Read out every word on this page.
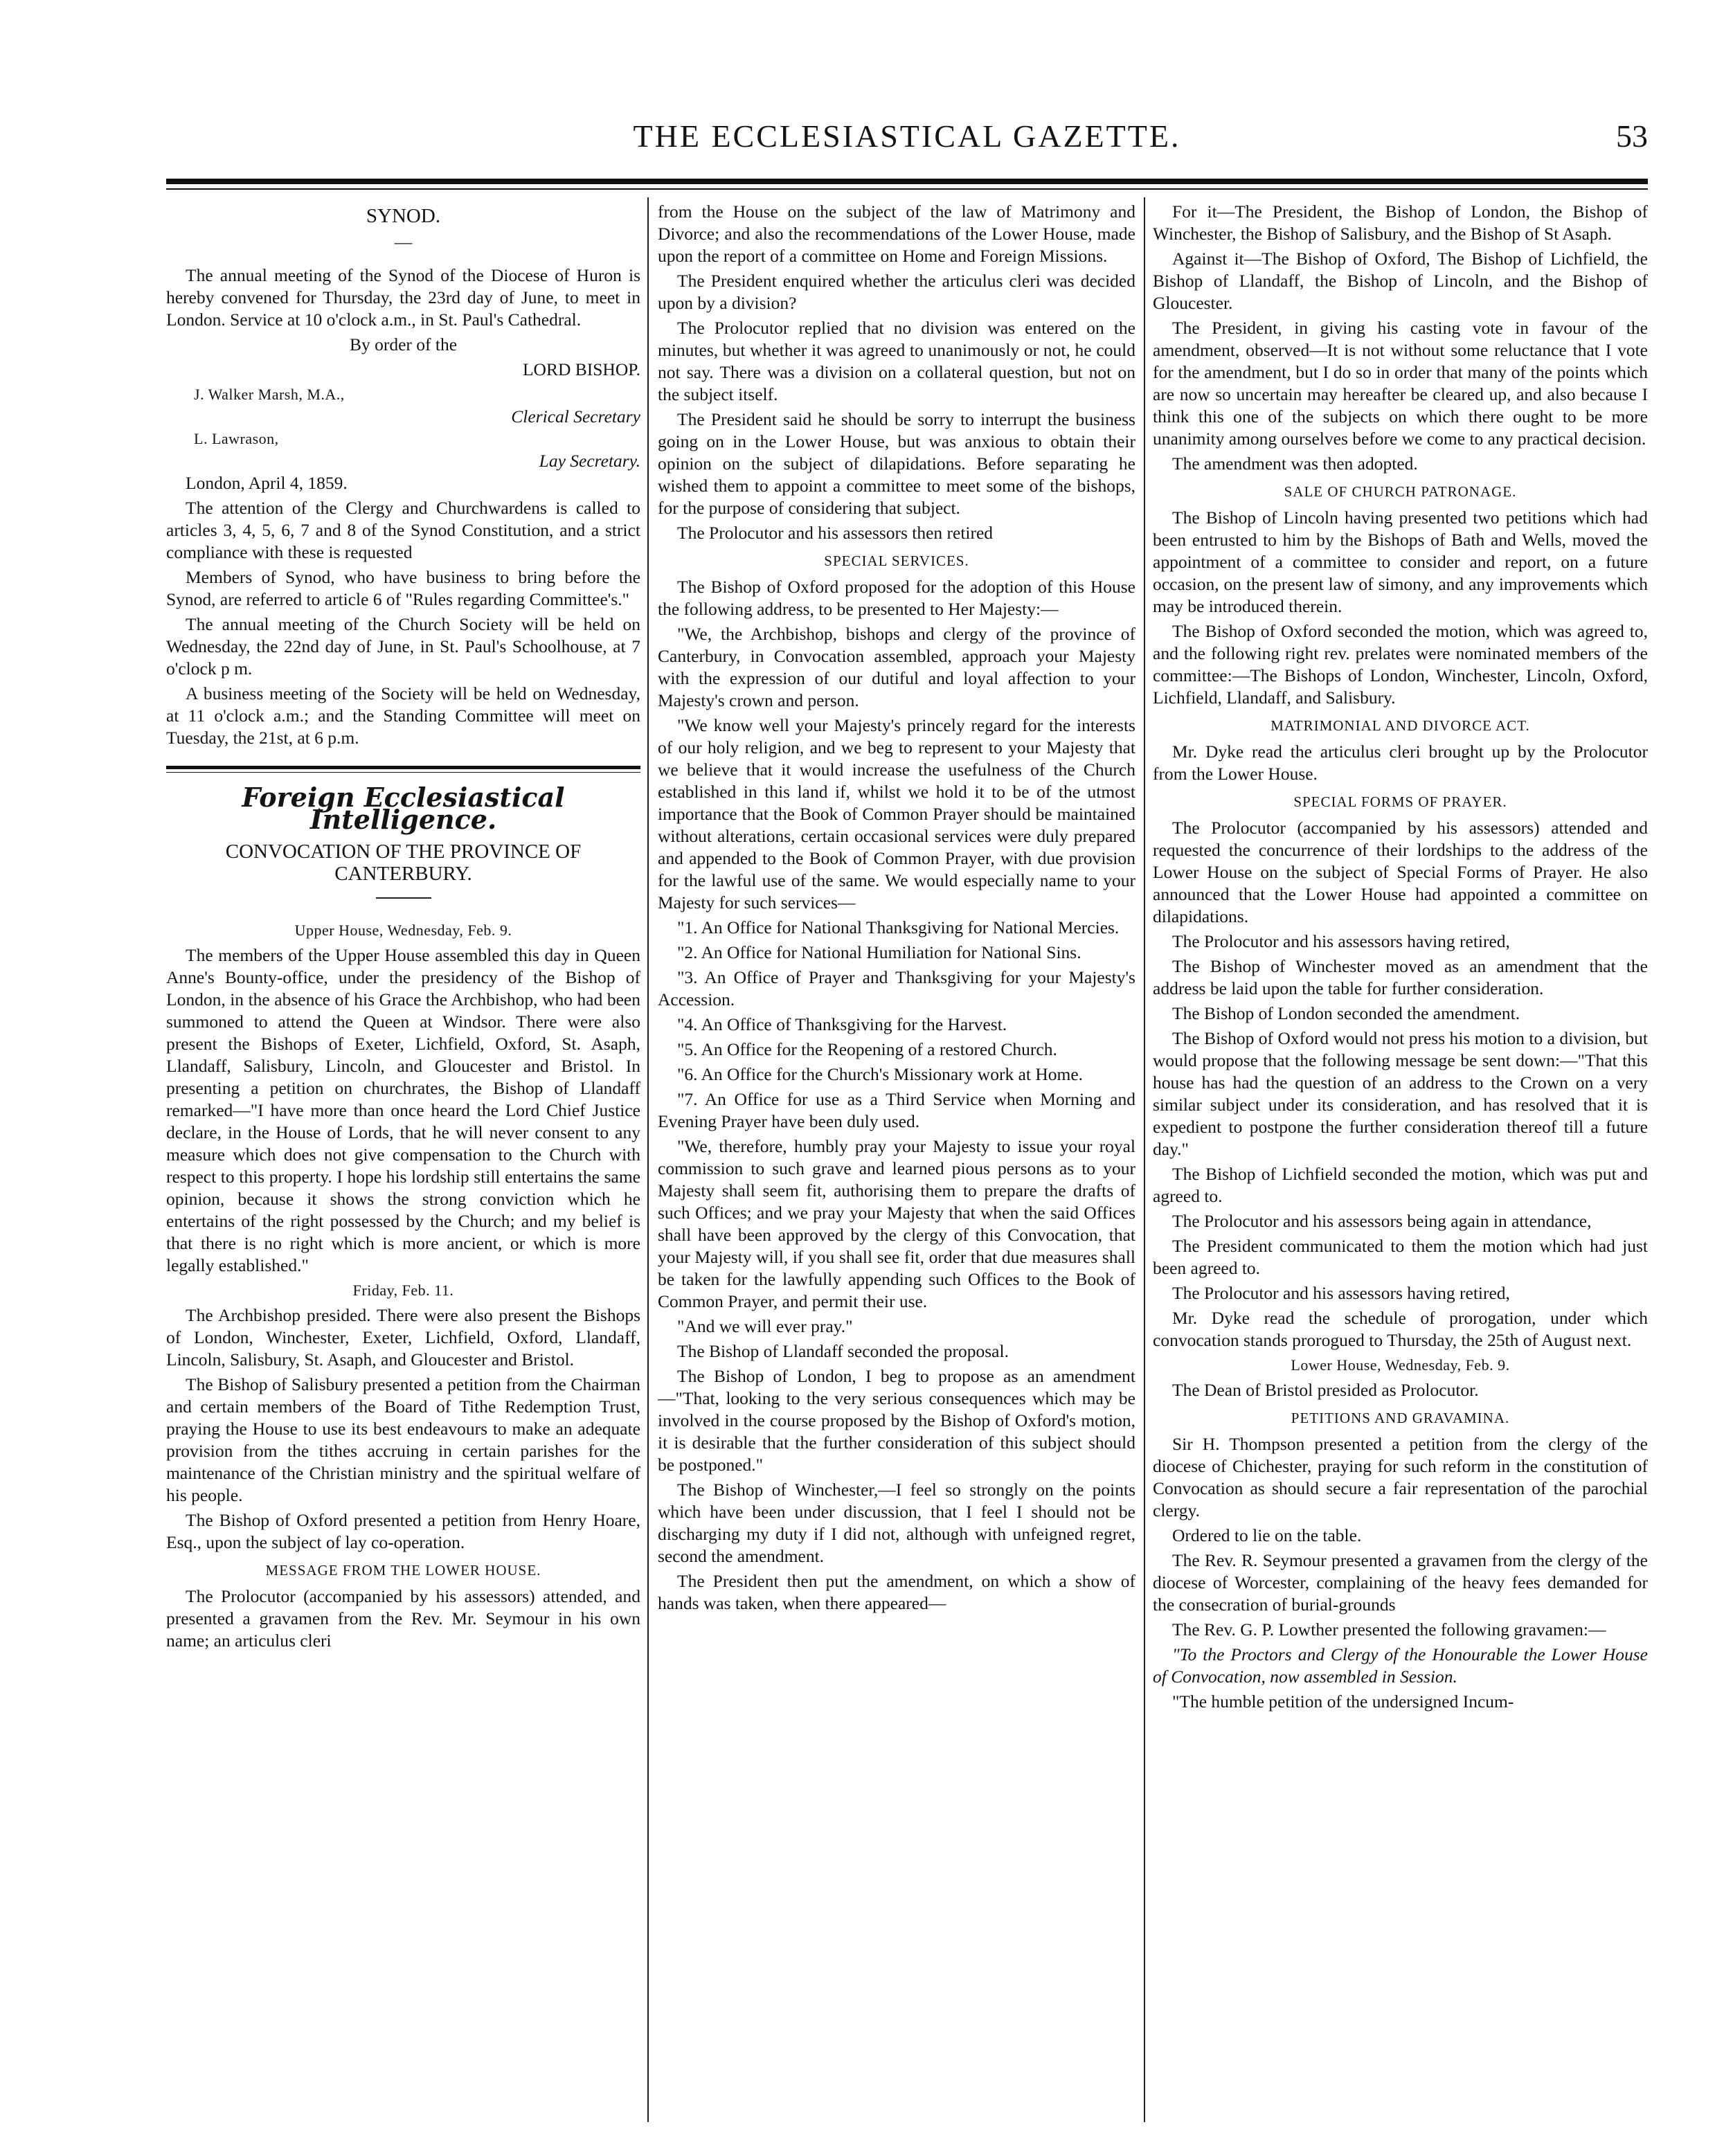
THE ECCLESIASTICAL GAZETTE.	53

SYNOD.

—

The annual meeting of the Synod of the Diocese of Huron is hereby convened for Thursday, the 23rd day of June, to meet in London. Service at 10 o'clock a.m., in St. Paul's Cathedral.

By order of the

LORD BISHOP.

J. Walker Marsh, M.A.,

Clerical Secretary

L. Lawrason,

Lay Secretary.

London, April 4, 1859.

The attention of the Clergy and Churchwardens is called to articles 3, 4, 5, 6, 7 and 8 of the Synod Constitution, and a strict compliance with these is requested

Members of Synod, who have business to bring before the Synod, are referred to article 6 of "Rules regarding Committee's."

The annual meeting of the Church Society will be held on Wednesday, the 22nd day of June, in St. Paul's Schoolhouse, at 7 o'clock p m.

A business meeting of the Society will be held on Wednesday, at 11 o'clock a.m.; and the Standing Committee will meet on Tuesday, the 21st, at 6 p.m.

Foreign Ecclesiastical Intelligence.

CONVOCATION OF THE PROVINCE OF CANTERBURY.

Upper House, Wednesday, Feb. 9.

The members of the Upper House assembled this day in Queen Anne's Bounty-office, under the presidency of the Bishop of London, in the absence of his Grace the Archbishop, who had been summoned to attend the Queen at Windsor. There were also present the Bishops of Exeter, Lichfield, Oxford, St. Asaph, Llandaff, Salisbury, Lincoln, and Gloucester and Bristol. In presenting a petition on churchrates, the Bishop of Llandaff remarked—"I have more than once heard the Lord Chief Justice declare, in the House of Lords, that he will never consent to any measure which does not give compensation to the Church with respect to this property. I hope his lordship still entertains the same opinion, because it shows the strong conviction which he entertains of the right possessed by the Church; and my belief is that there is no right which is more ancient, or which is more legally established."

Friday, Feb. 11.

The Archbishop presided. There were also present the Bishops of London, Winchester, Exeter, Lichfield, Oxford, Llandaff, Lincoln, Salisbury, St. Asaph, and Gloucester and Bristol.

The Bishop of Salisbury presented a petition from the Chairman and certain members of the Board of Tithe Redemption Trust, praying the House to use its best endeavours to make an adequate provision from the tithes accruing in certain parishes for the maintenance of the Christian ministry and the spiritual welfare of his people.

The Bishop of Oxford presented a petition from Henry Hoare, Esq., upon the subject of lay co-operation.

MESSAGE FROM THE LOWER HOUSE.

The Prolocutor (accompanied by his assessors) attended, and presented a gravamen from the Rev. Mr. Seymour in his own name; an articulus cleri

from the House on the subject of the law of Matrimony and Divorce; and also the recommendations of the Lower House, made upon the report of a committee on Home and Foreign Missions.

The President enquired whether the articulus cleri was decided upon by a division?

The Prolocutor replied that no division was entered on the minutes, but whether it was agreed to unanimously or not, he could not say. There was a division on a collateral question, but not on the subject itself.

The President said he should be sorry to interrupt the business going on in the Lower House, but was anxious to obtain their opinion on the subject of dilapidations. Before separating he wished them to appoint a committee to meet some of the bishops, for the purpose of considering that subject.

The Prolocutor and his assessors then retired

SPECIAL SERVICES.

The Bishop of Oxford proposed for the adoption of this House the following address, to be presented to Her Majesty:—

"We, the Archbishop, bishops and clergy of the province of Canterbury, in Convocation assembled, approach your Majesty with the expression of our dutiful and loyal affection to your Majesty's crown and person.

"We know well your Majesty's princely regard for the interests of our holy religion, and we beg to represent to your Majesty that we believe that it would increase the usefulness of the Church established in this land if, whilst we hold it to be of the utmost importance that the Book of Common Prayer should be maintained without alterations, certain occasional services were duly prepared and appended to the Book of Common Prayer, with due provision for the lawful use of the same. We would especially name to your Majesty for such services—

"1. An Office for National Thanksgiving for National Mercies.

"2. An Office for National Humiliation for National Sins.

"3. An Office of Prayer and Thanksgiving for your Majesty's Accession.

"4. An Office of Thanksgiving for the Harvest.

"5. An Office for the Reopening of a restored Church.

"6. An Office for the Church's Missionary work at Home.

"7. An Office for use as a Third Service when Morning and Evening Prayer have been duly used.

"We, therefore, humbly pray your Majesty to issue your royal commission to such grave and learned pious persons as to your Majesty shall seem fit, authorising them to prepare the drafts of such Offices; and we pray your Majesty that when the said Offices shall have been approved by the clergy of this Convocation, that your Majesty will, if you shall see fit, order that due measures shall be taken for the lawfully appending such Offices to the Book of Common Prayer, and permit their use.

"And we will ever pray."

The Bishop of Llandaff seconded the proposal.

The Bishop of London, I beg to propose as an amendment—"That, looking to the very serious consequences which may be involved in the course proposed by the Bishop of Oxford's motion, it is desirable that the further consideration of this subject should be postponed."

The Bishop of Winchester,—I feel so strongly on the points which have been under discussion, that I feel I should not be discharging my duty if I did not, although with unfeigned regret, second the amendment.

The President then put the amendment, on which a show of hands was taken, when there appeared—

For it—The President, the Bishop of London, the Bishop of Winchester, the Bishop of Salisbury, and the Bishop of St Asaph.

Against it—The Bishop of Oxford, The Bishop of Lichfield, the Bishop of Llandaff, the Bishop of Lincoln, and the Bishop of Gloucester.

The President, in giving his casting vote in favour of the amendment, observed—It is not without some reluctance that I vote for the amendment, but I do so in order that many of the points which are now so uncertain may hereafter be cleared up, and also because I think this one of the subjects on which there ought to be more unanimity among ourselves before we come to any practical decision.

The amendment was then adopted.

SALE OF CHURCH PATRONAGE.

The Bishop of Lincoln having presented two petitions which had been entrusted to him by the Bishops of Bath and Wells, moved the appointment of a committee to consider and report, on a future occasion, on the present law of simony, and any improvements which may be introduced therein.

The Bishop of Oxford seconded the motion, which was agreed to, and the following right rev. prelates were nominated members of the committee:—The Bishops of London, Winchester, Lincoln, Oxford, Lichfield, Llandaff, and Salisbury.

MATRIMONIAL AND DIVORCE ACT.

Mr. Dyke read the articulus cleri brought up by the Prolocutor from the Lower House.

SPECIAL FORMS OF PRAYER.

The Prolocutor (accompanied by his assessors) attended and requested the concurrence of their lordships to the address of the Lower House on the subject of Special Forms of Prayer. He also announced that the Lower House had appointed a committee on dilapidations.

The Prolocutor and his assessors having retired,

The Bishop of Winchester moved as an amendment that the address be laid upon the table for further consideration.

The Bishop of London seconded the amendment.

The Bishop of Oxford would not press his motion to a division, but would propose that the following message be sent down:—"That this house has had the question of an address to the Crown on a very similar subject under its consideration, and has resolved that it is expedient to postpone the further consideration thereof till a future day."

The Bishop of Lichfield seconded the motion, which was put and agreed to.

The Prolocutor and his assessors being again in attendance,

The President communicated to them the motion which had just been agreed to.

The Prolocutor and his assessors having retired,

Mr. Dyke read the schedule of prorogation, under which convocation stands prorogued to Thursday, the 25th of August next.

Lower House, Wednesday, Feb. 9.

The Dean of Bristol presided as Prolocutor.

PETITIONS AND GRAVAMINA.

Sir H. Thompson presented a petition from the clergy of the diocese of Chichester, praying for such reform in the constitution of Convocation as should secure a fair representation of the parochial clergy.

Ordered to lie on the table.

The Rev. R. Seymour presented a gravamen from the clergy of the diocese of Worcester, complaining of the heavy fees demanded for the consecration of burial-grounds

The Rev. G. P. Lowther presented the following gravamen:—

"To the Proctors and Clergy of the Honourable the Lower House of Convocation, now assembled in Session.

"The humble petition of the undersigned Incum-
